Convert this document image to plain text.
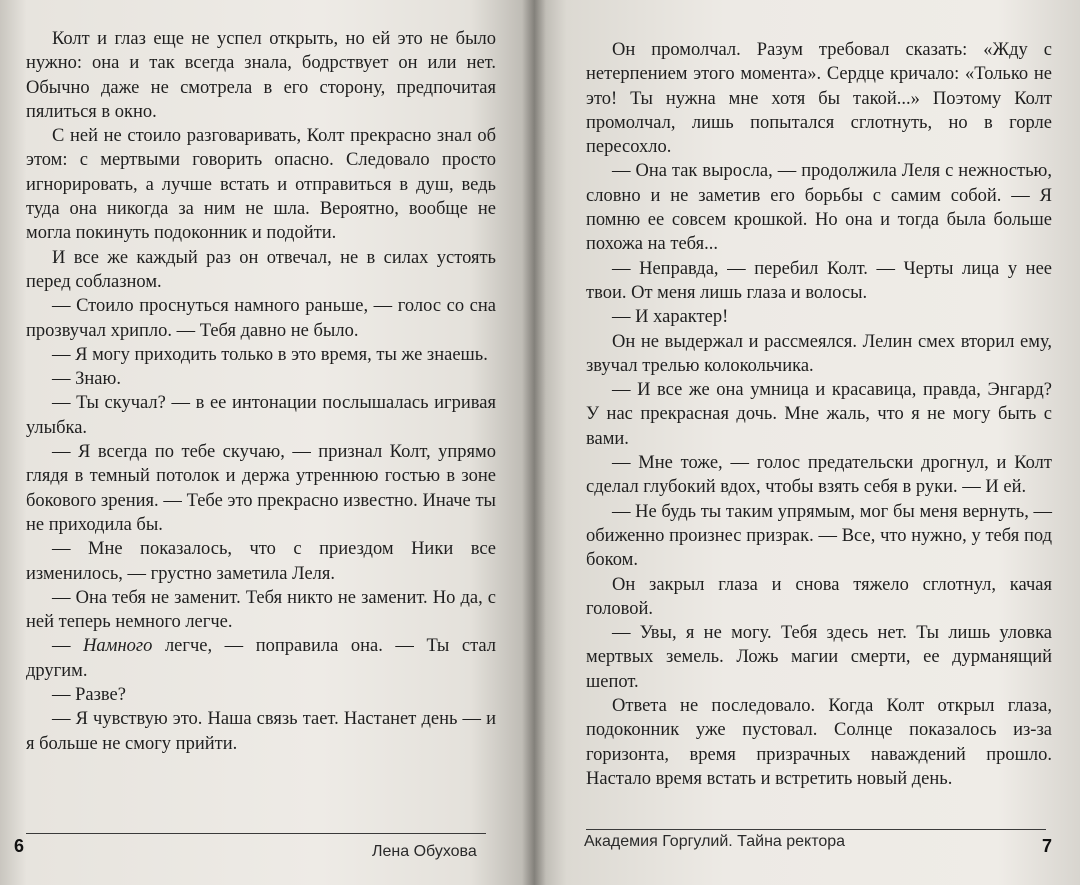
Колт и глаз еще не успел открыть, но ей это не было нужно: она и так всегда знала, бодрствует он или нет. Обычно даже не смотрела в его сторону, предпочитая пялиться в окно.

С ней не стоило разговаривать, Колт прекрасно знал об этом: с мертвыми говорить опасно. Следовало просто игнорировать, а лучше встать и отправиться в душ, ведь туда она никогда за ним не шла. Вероятно, вообще не могла покинуть подоконник и подойти.

И все же каждый раз он отвечал, не в силах устоять перед соблазном.

— Стоило проснуться намного раньше, — голос со сна прозвучал хрипло. — Тебя давно не было.

— Я могу приходить только в это время, ты же знаешь.

— Знаю.

— Ты скучал? — в ее интонации послышалась игривая улыбка.

— Я всегда по тебе скучаю, — признал Колт, упрямо глядя в темный потолок и держа утреннюю гостью в зоне бокового зрения. — Тебе это прекрасно известно. Иначе ты не приходила бы.

— Мне показалось, что с приездом Ники все изменилось, — грустно заметила Леля.

— Она тебя не заменит. Тебя никто не заменит. Но да, с ней теперь немного легче.

— Намного легче, — поправила она. — Ты стал другим.

— Разве?

— Я чувствую это. Наша связь тает. Настанет день — и я больше не смогу прийти.

6	Лена Обухова

Он промолчал. Разум требовал сказать: «Жду с нетерпением этого момента». Сердце кричало: «Только не это! Ты нужна мне хотя бы такой...» Поэтому Колт промолчал, лишь попытался сглотнуть, но в горле пересохло.

— Она так выросла, — продолжила Леля с нежностью, словно и не заметив его борьбы с самим собой. — Я помню ее совсем крошкой. Но она и тогда была больше похожа на тебя...

— Неправда, — перебил Колт. — Черты лица у нее твои. От меня лишь глаза и волосы.

— И характер!

Он не выдержал и рассмеялся. Лелин смех вторил ему, звучал трелью колокольчика.

— И все же она умница и красавица, правда, Энгард? У нас прекрасная дочь. Мне жаль, что я не могу быть с вами.

— Мне тоже, — голос предательски дрогнул, и Колт сделал глубокий вдох, чтобы взять себя в руки. — И ей.

— Не будь ты таким упрямым, мог бы меня вернуть, — обиженно произнес призрак. — Все, что нужно, у тебя под боком.

Он закрыл глаза и снова тяжело сглотнул, качая головой.

— Увы, я не могу. Тебя здесь нет. Ты лишь уловка мертвых земель. Ложь магии смерти, ее дурманящий шепот.

Ответа не последовало. Когда Колт открыл глаза, подоконник уже пустовал. Солнце показалось из-за горизонта, время призрачных наваждений прошло. Настало время встать и встретить новый день.

Академия Горгулий. Тайна ректора	7
